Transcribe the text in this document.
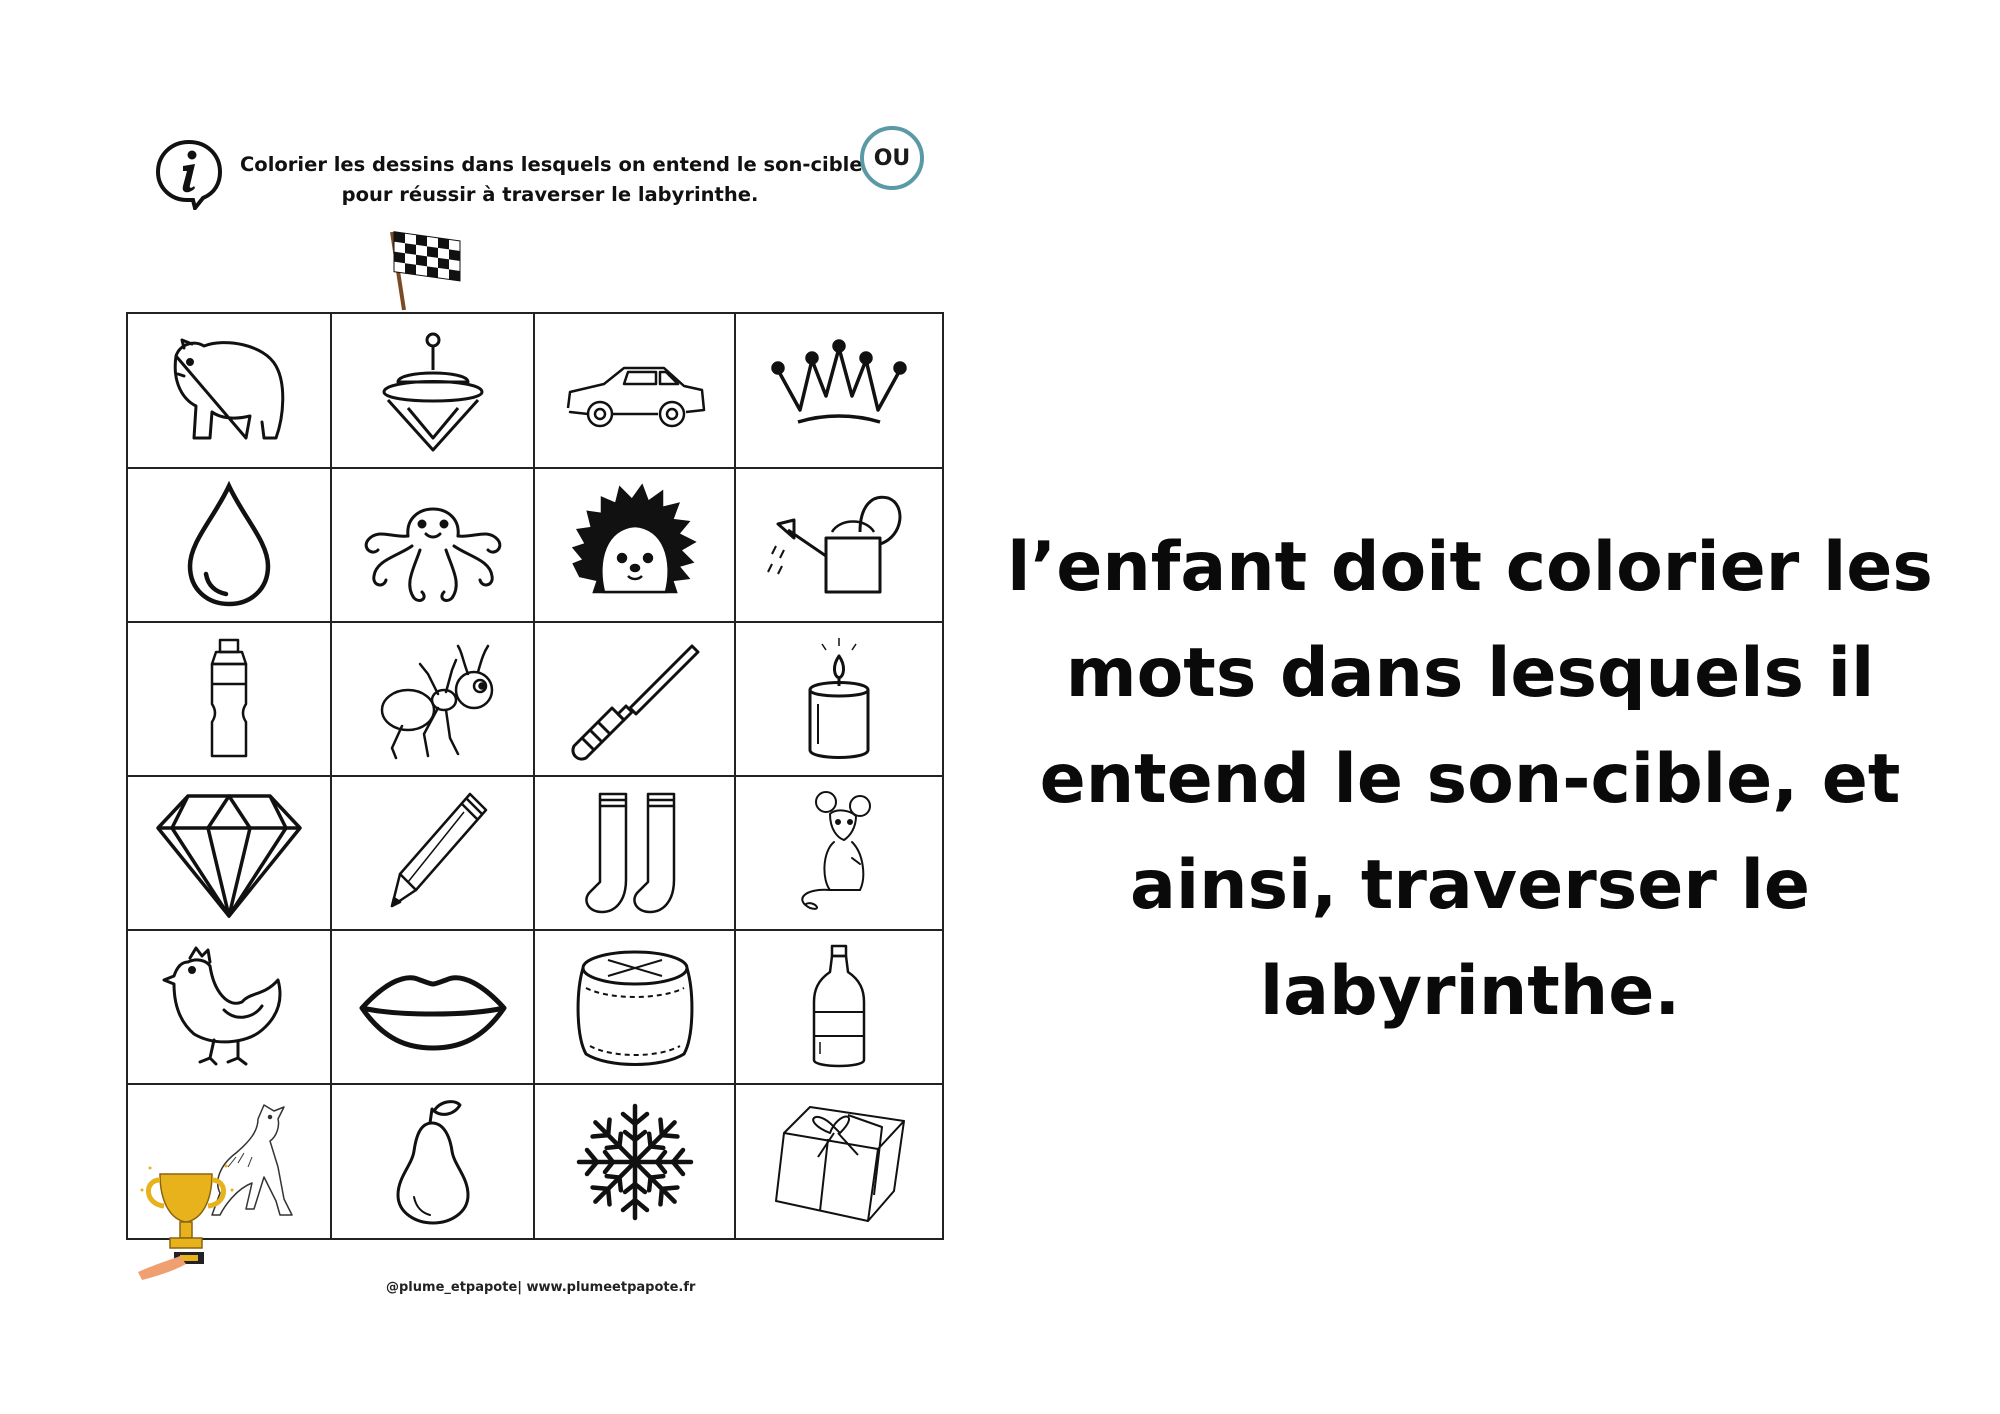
Colorier les dessins dans lesquels on entend le son-cible
pour réussir à traverser le labyrinthe.
OU
@plume_etpapote| www.plumeetpapote.fr
l’enfant doit colorier les mots dans lesquels il entend le son-cible, et ainsi, traverser le labyrinthe.
